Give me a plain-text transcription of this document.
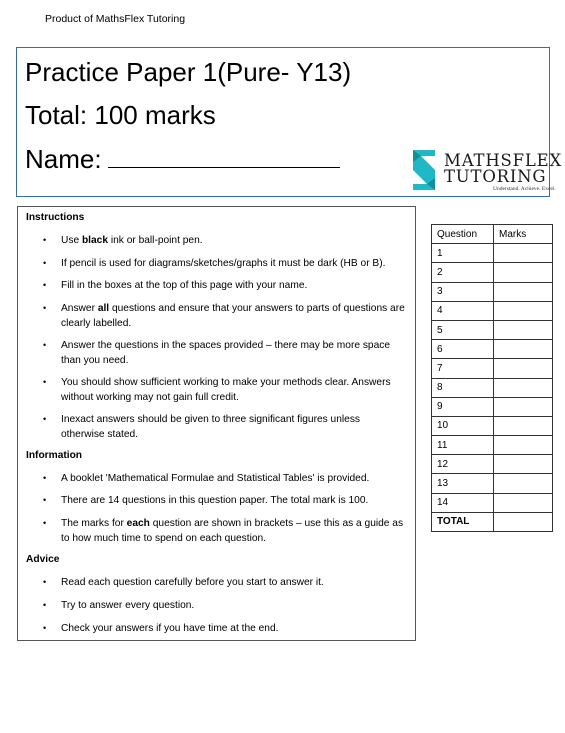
Product of MathsFlex Tutoring
Practice Paper 1(Pure- Y13)
Total: 100 marks
Name:	MATHSFLEX
TUTORING
Understand. Achieve. Excel.
Instructions
• Use black ink or ball-point pen.
• If pencil is used for diagrams/sketches/graphs it must be dark (HB or B).
• Fill in the boxes at the top of this page with your name.
• Answer all questions and ensure that your answers to parts of questions are clearly labelled.
• Answer the questions in the spaces provided – there may be more space than you need.
• You should show sufficient working to make your methods clear. Answers without working may not gain full credit.
• Inexact answers should be given to three significant figures unless otherwise stated.
Information
• A booklet 'Mathematical Formulae and Statistical Tables' is provided.
• There are 14 questions in this question paper. The total mark is 100.
• The marks for each question are shown in brackets – use this as a guide as to how much time to spend on each question.
Advice
• Read each question carefully before you start to answer it.
• Try to answer every question.
• Check your answers if you have time at the end.
Question	Marks
1	
2	
3	
4	
5	
6	
7	
8	
9	
10	
11	
12	
13	
14	
TOTAL	
